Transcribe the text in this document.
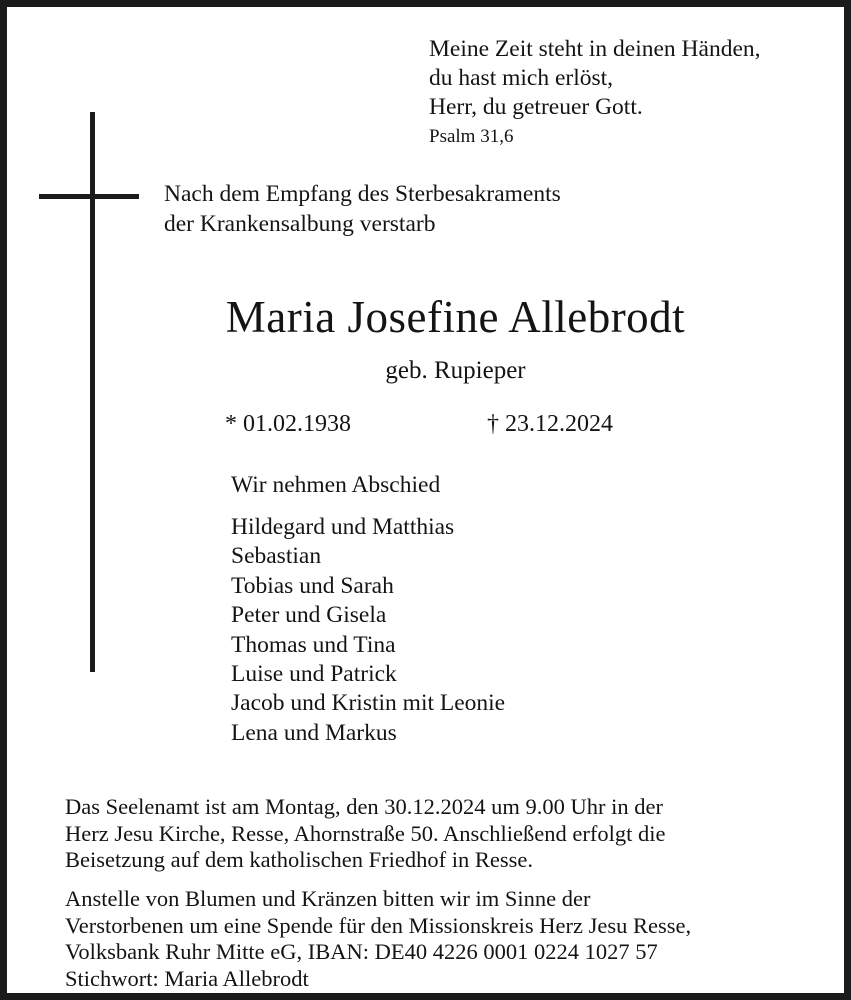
Meine Zeit steht in deinen Händen,
du hast mich erlöst,
Herr, du getreuer Gott.
Psalm 31,6
Nach dem Empfang des Sterbesakraments
der Krankensalbung verstarb
Maria Josefine Allebrodt
geb. Rupieper
* 01.02.1938	† 23.12.2024
Wir nehmen Abschied
Hildegard und Matthias
Sebastian
Tobias und Sarah
Peter und Gisela
Thomas und Tina
Luise und Patrick
Jacob und Kristin mit Leonie
Lena und Markus
Das Seelenamt ist am Montag, den 30.12.2024 um 9.00 Uhr in der
Herz Jesu Kirche, Resse, Ahornstraße 50. Anschließend erfolgt die
Beisetzung auf dem katholischen Friedhof in Resse.
Anstelle von Blumen und Kränzen bitten wir im Sinne der
Verstorbenen um eine Spende für den Missionskreis Herz Jesu Resse,
Volksbank Ruhr Mitte eG, IBAN: DE40 4226 0001 0224 1027 57
Stichwort: Maria Allebrodt
